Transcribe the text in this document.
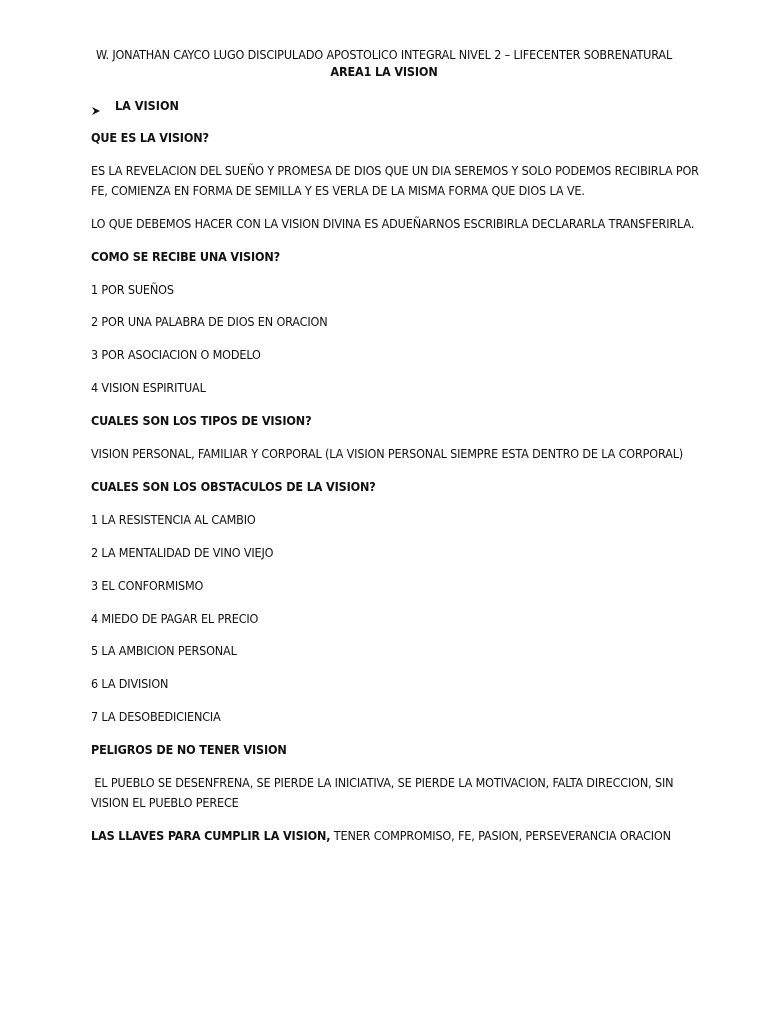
W. JONATHAN CAYCO LUGO DISCIPULADO APOSTOLICO INTEGRAL NIVEL 2 – LIFECENTER SOBRENATURAL
AREA1 LA VISION
LA VISION
QUE ES LA VISION?
ES LA REVELACION DEL SUEÑO Y PROMESA DE DIOS QUE UN DIA SEREMOS Y SOLO PODEMOS RECIBIRLA POR FE, COMIENZA EN FORMA DE SEMILLA Y ES VERLA DE LA MISMA FORMA QUE DIOS LA VE.
LO QUE DEBEMOS HACER CON LA VISION DIVINA ES ADUEÑARNOS ESCRIBIRLA DECLARARLA TRANSFERIRLA.
COMO SE RECIBE UNA VISION?
1 POR SUEÑOS
2 POR UNA PALABRA DE DIOS EN ORACION
3 POR ASOCIACION O MODELO
4 VISION ESPIRITUAL
CUALES SON LOS TIPOS DE VISION?
VISION PERSONAL, FAMILIAR Y CORPORAL (LA VISION PERSONAL SIEMPRE ESTA DENTRO DE LA CORPORAL)
CUALES SON LOS OBSTACULOS DE LA VISION?
1 LA RESISTENCIA AL CAMBIO
2 LA MENTALIDAD DE VINO VIEJO
3 EL CONFORMISMO
4 MIEDO DE PAGAR EL PRECIO
5 LA AMBICION PERSONAL
6 LA DIVISION
7 LA DESOBEDICIENCIA
PELIGROS DE NO TENER VISION
EL PUEBLO SE DESENFRENA, SE PIERDE LA INICIATIVA, SE PIERDE LA MOTIVACION, FALTA DIRECCION, SIN
VISION EL PUEBLO PERECE
LAS LLAVES PARA CUMPLIR LA VISION, TENER COMPROMISO, FE, PASION, PERSEVERANCIA ORACION
